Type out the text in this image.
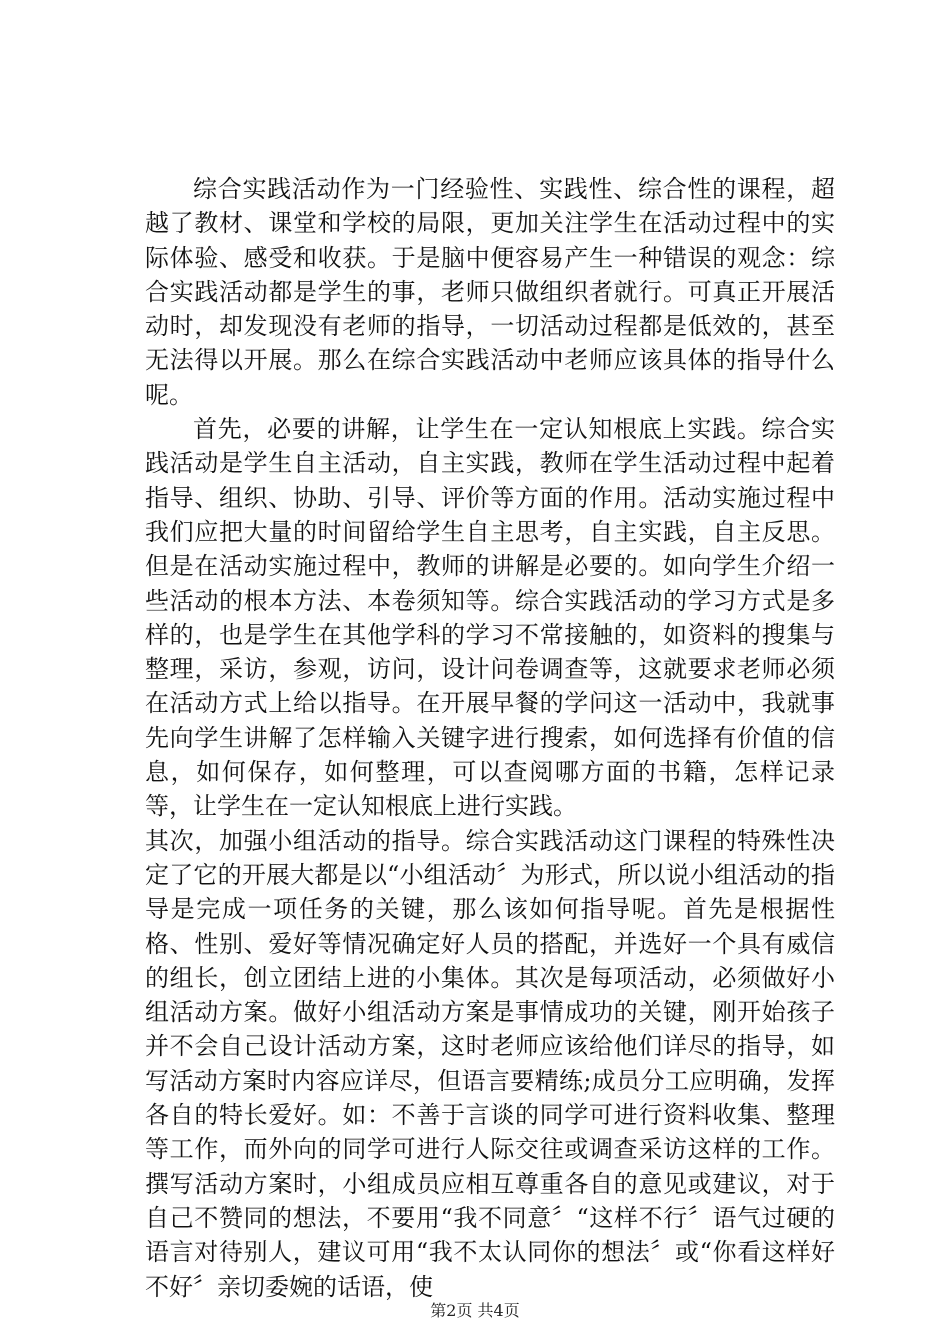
综合实践活动作为一门经验性、实践性、综合性的课程，超越了教材、课堂和学校的局限，更加关注学生在活动过程中的实际体验、感受和收获。于是脑中便容易产生一种错误的观念：综合实践活动都是学生的事，老师只做组织者就行。可真正开展活动时，却发现没有老师的指导，一切活动过程都是低效的，甚至无法得以开展。那么在综合实践活动中老师应该具体的指导什么呢。

首先，必要的讲解，让学生在一定认知根底上实践。综合实践活动是学生自主活动，自主实践，教师在学生活动过程中起着指导、组织、协助、引导、评价等方面的作用。活动实施过程中我们应把大量的时间留给学生自主思考，自主实践，自主反思。但是在活动实施过程中，教师的讲解是必要的。如向学生介绍一些活动的根本方法、本卷须知等。综合实践活动的学习方式是多样的，也是学生在其他学科的学习不常接触的，如资料的搜集与整理，采访，参观，访问，设计问卷调查等，这就要求老师必须在活动方式上给以指导。在开展早餐的学问这一活动中，我就事先向学生讲解了怎样输入关键字进行搜索，如何选择有价值的信息，如何保存，如何整理，可以查阅哪方面的书籍，怎样记录等，让学生在一定认知根底上进行实践。

其次，加强小组活动的指导。综合实践活动这门课程的特殊性决定了它的开展大都是以“小组活动〞为形式，所以说小组活动的指导是完成一项任务的关键，那么该如何指导呢。首先是根据性格、性别、爱好等情况确定好人员的搭配，并选好一个具有威信的组长，创立团结上进的小集体。其次是每项活动，必须做好小组活动方案。做好小组活动方案是事情成功的关键，刚开始孩子并不会自己设计活动方案，这时老师应该给他们详尽的指导，如写活动方案时内容应详尽，但语言要精练;成员分工应明确，发挥各自的特长爱好。如：不善于言谈的同学可进行资料收集、整理等工作，而外向的同学可进行人际交往或调查采访这样的工作。撰写活动方案时，小组成员应相互尊重各自的意见或建议，对于自己不赞同的想法，不要用“我不同意〞“这样不行〞语气过硬的语言对待别人，建议可用“我不太认同你的想法〞或“你看这样好不好〞亲切委婉的话语，使

第2页 共4页
